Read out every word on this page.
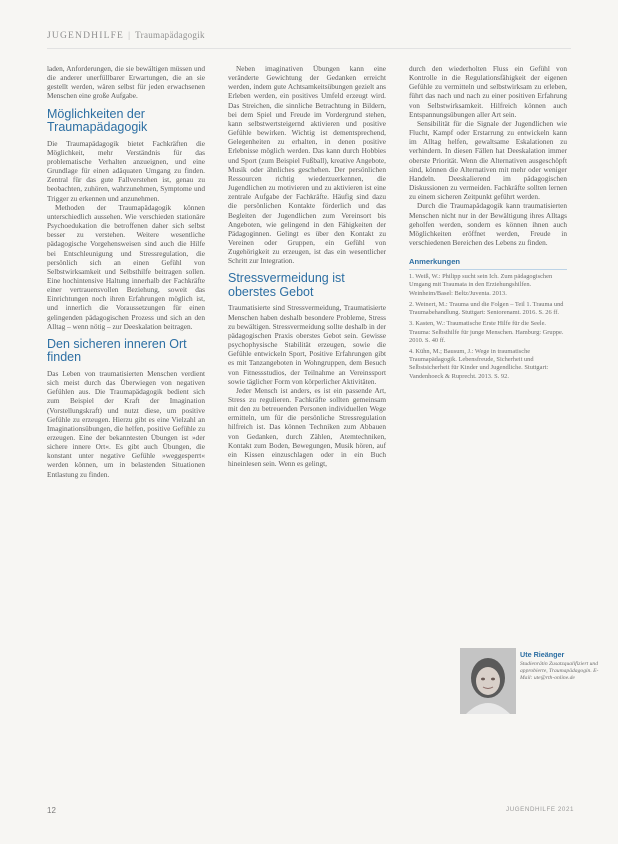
JUGENDHILFE | Traumapädagogik

laden, Anforderungen, die sie bewältigen müssen und die anderer unerfüllbarer Erwartungen, die an sie gestellt werden, wären selbst für jeden erwachsenen Menschen eine große Aufgabe.

Möglichkeiten der Traumapädagogik

Die Traumapädagogik bietet Fachkräften die Möglichkeit, mehr Verständnis für das problematische Verhalten anzueignen, und eine Grundlage für einen adäquaten Umgang zu finden. Zentral für das gute Fallverstehen ist, genau zu beobachten, zuhören, wahrzunehmen, Symptome und Trigger zu erkennen und anzunehmen.

Methoden der Traumapädagogik können unterschiedlich aussehen. Wie verschieden stationäre Psychoedukation die betroffenen daher sich selbst besser zu verstehen. Weitere wesentliche pädagogische Vorgehensweisen sind auch die Hilfe bei Entschleunigung und Stressregulation, die persönlich sich an einen Gefühl von Selbstwirksamkeit und Selbsthilfe beitragen sollen. Eine hochintensive Haltung innerhalb der Fachkräfte einer vertrauensvollen Beziehung, soweit das Einrichtungen noch ihren Erfahrungen möglich ist, und innerlich die Voraussetzungen für einen gelingenden pädagogischen Prozess und sich an den Alltag – wenn nötig – zur Deeskalation beitragen.

Den sicheren inneren Ort finden

Das Leben von traumatisierten Menschen verdient sich meist durch das Überwiegen von negativen Gefühlen aus. Die Traumapädagogik bedient sich zum Beispiel der Kraft der Imagination (Vorstellungskraft) und nutzt diese, um positive Gefühle zu erzeugen. Hierzu gibt es eine Vielzahl an Imaginationsübungen, die helfen, positive Gefühle zu erzeugen. Eine der bekanntesten Übungen ist »der sichere innere Ort«. Es gibt auch Übungen, die konstant unter negative Gefühle »weggesperrt« werden können, um in belastenden Situationen Entlastung zu finden.

Neben imaginativen Übungen kann eine veränderte Gewichtung der Gedanken erreicht werden, indem gute Achtsamkeitsübungen gezielt ans Erleben werden, ein positives Umfeld erzeugt wird. Das Streichen, die sinnliche Betrachtung in Bildern, bei dem Spiel und Freude im Vordergrund stehen, kann selbstwertsteigernd aktivieren und positive Gefühle bewirken. Wichtig ist dementsprechend, Gelegenheiten zu erhalten, in denen positive Erlebnisse möglich werden. Das kann durch Hobbies und Sport (zum Beispiel Fußball), kreative Angebote, Musik oder ähnliches geschehen. Der persönlichen Ressourcen richtig wiederzuerkennen, die Jugendlichen zu motivieren und zu aktivieren ist eine zentrale Aufgabe der Fachkräfte. Häufig sind dazu die persönlichen Kontakte förderlich und das Begleiten der Jugendlichen zum Vereinsort bis Angeboten, wie gelingend in den Fähigkeiten der Pädagoginnen. Gelingt es über den Kontakt zu Vereinen oder Gruppen, ein Gefühl von Zugehörigkeit zu erzeugen, ist das ein wesentlicher Schritt zur Integration.

Stressvermeidung ist oberstes Gebot

Traumatisierte sind Stressvermeidung, Traumatisierte Menschen haben deshalb besondere Probleme, Stress zu bewältigen. Stressvermeidung sollte deshalb in der pädagogischen Praxis oberstes Gebot sein. Gewisse psychophysische Stabilität erzeugen, sowie die Gefühle entwickeln Sport, Positive Erfahrungen gibt es mit Tanzangeboten in Wohngruppen, dem Besuch von Fitnessstudios, der Teilnahme an Vereinssport sowie täglicher Form von körperlicher Aktivitäten.

Jeder Mensch ist anders, es ist ein passende Art, Stress zu regulieren. Fachkräfte sollten gemeinsam mit den zu betreuenden Personen individuellen Wege ermitteln, um für die persönliche Stressregulation hilfreich ist. Das können Techniken zum Abbauen von Gedanken, durch Zählen, Atemtechniken, Kontakt zum Boden, Bewegungen, Musik hören, auf ein Kissen einzuschlagen oder in ein Buch hineinlesen sein. Wenn es gelingt,

durch den wiederholten Fluss ein Gefühl von Kontrolle in die Regulationsfähigkeit der eigenen Gefühle zu vermitteln und selbstwirksam zu erleben, führt das nach und nach zu einer positiven Erfahrung von Selbstwirksamkeit. Hilfreich können auch Entspannungsübungen aller Art sein.

Sensibilität für die Signale der Jugendlichen wie Flucht, Kampf oder Erstarrung zu entwickeln kann im Alltag helfen, gewaltsame Eskalationen zu verhindern. In diesen Fällen hat Deeskalation immer oberste Priorität. Wenn die Alternativen ausgeschöpft sind, können die Alternativen mit mehr oder weniger Handeln. Deeskalierend im pädagogischen Diskussionen zu vermeiden. Fachkräfte sollten lernen zu einem sicheren Zeitpunkt geführt werden.

Durch die Traumapädagogik kann traumatisierten Menschen nicht nur in der Bewältigung ihres Alltags geholfen werden, sondern es können ihnen auch Möglichkeiten eröffnet werden, Freude in verschiedenen Bereichen des Lebens zu finden.

Anmerkungen
1. Weiß, W.: Philipp sucht sein Ich. Zum pädagogischen Umgang mit Traumata in den Erziehungshilfen. Weinheim/Basel: Beltz/Juventa. 2013.
2. Weinert, M.: Trauma und die Folgen – Teil 1. Trauma und Traumabehandlung. Stuttgart: Seniorenamt. 2016. S. 26 ff.
3. Kasten, W.: Traumatische Erste Hilfe für die Seele. Trauma: Selbsthilfe für junge Menschen. Hamburg: Gruppe. 2010. S. 40 ff.
4. Kühn, M.; Bausum, J.: Wege in traumatische Traumapädagogik. Lebensfreude, Sicherheit und Selbstsicherheit für Kinder und Jugendliche. Stuttgart: Vandenhoeck & Ruprecht. 2013. S. 92.
Ute Rieänger
Studienrätin Zusatzqualifiziert und approbierte, Traumapädagogin. E-Mail: ute@rth-online.de
12	JUGENDHILFE 2021
